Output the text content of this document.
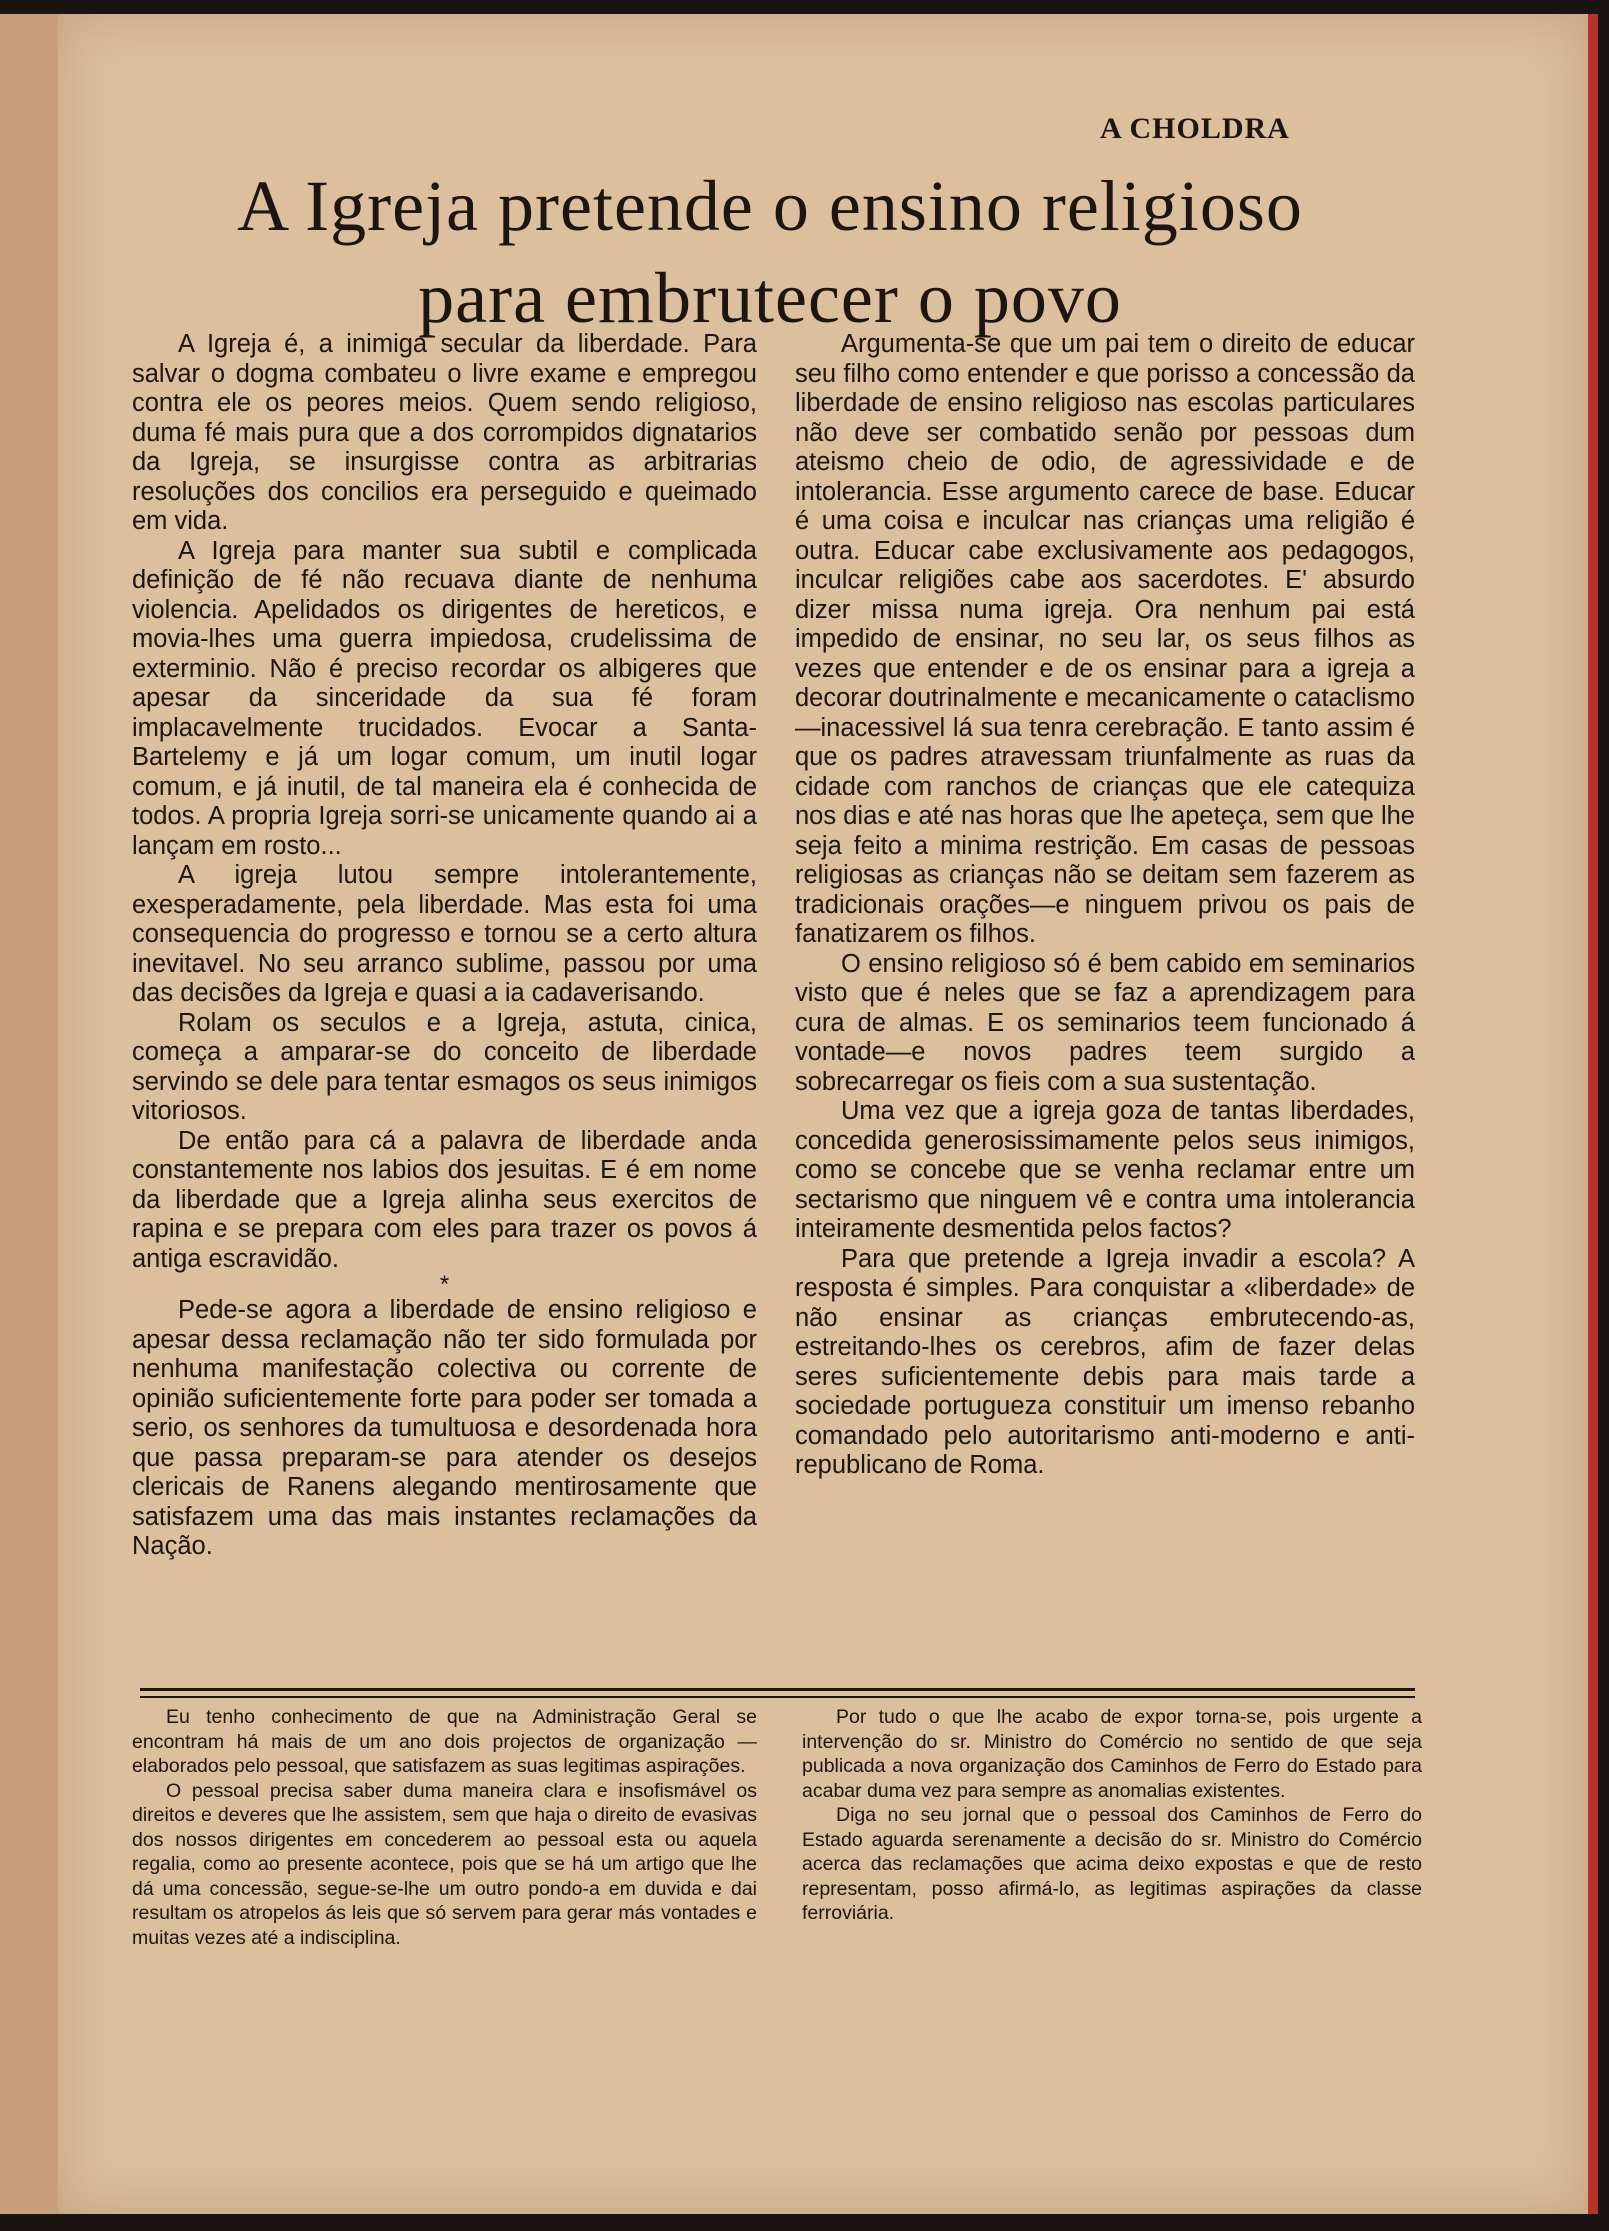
A CHOLDRA
A Igreja pretende o ensino religioso
para embrutecer o povo

A Igreja é, a inimiga secular da liberdade. Para salvar o dogma combateu o livre exame e empregou contra ele os peores meios. Quem sendo religioso, duma fé mais pura que a dos corrompidos dignatarios da Igreja, se insurgisse contra as arbitrarias resoluções dos concilios era perseguido e queimado em vida.

A Igreja para manter sua subtil e complicada definição de fé não recuava diante de nenhuma violencia. Apelidados os dirigentes de hereticos, e movia-lhes uma guerra impiedosa, crudelissima de exterminio. Não é preciso recordar os albigeres que apesar da sinceridade da sua fé foram implacavelmente trucidados. Evocar a Santa-Bartelemy e já um logar comum, um inutil logar comum, e já inutil, de tal maneira ela é conhecida de todos. A propria Igreja sorri-se unicamente quando ai a lançam em rosto...

A igreja lutou sempre intolerantemente, exesperadamente, pela liberdade. Mas esta foi uma consequencia do progresso e tornou se a certo altura inevitavel. No seu arranco sublime, passou por uma das decisões da Igreja e quasi a ia cadaverisando.

Rolam os seculos e a Igreja, astuta, cinica, começa a amparar-se do conceito de liberdade servindo se dele para tentar esmagos os seus inimigos vitoriosos.

De então para cá a palavra de liberdade anda constantemente nos labios dos jesuitas. E é em nome da liberdade que a Igreja alinha seus exercitos de rapina e se prepara com eles para trazer os povos á antiga escravidão.

*

Pede-se agora a liberdade de ensino religioso e apesar dessa reclamação não ter sido formulada por nenhuma manifestação colectiva ou corrente de opinião suficientemente forte para poder ser tomada a serio, os senhores da tumultuosa e desordenada hora que passa preparam-se para atender os desejos clericais de Ranens alegando mentirosamente que satisfazem uma das mais instantes reclamações da Nação.

Argumenta-se que um pai tem o direito de educar seu filho como entender e que porisso a concessão da liberdade de ensino religioso nas escolas particulares não deve ser combatido senão por pessoas dum ateismo cheio de odio, de agressividade e de intolerancia. Esse argumento carece de base. Educar é uma coisa e inculcar nas crianças uma religião é outra. Educar cabe exclusivamente aos pedagogos, inculcar religiões cabe aos sacerdotes. E' absurdo dizer missa numa igreja. Ora nenhum pai está impedido de ensinar, no seu lar, os seus filhos as vezes que entender e de os ensinar para a igreja a decorar doutrinalmente e mecanicamente o cataclismo—inacessivel lá sua tenra cerebração. E tanto assim é que os padres atravessam triunfalmente as ruas da cidade com ranchos de crianças que ele catequiza nos dias e até nas horas que lhe apeteça, sem que lhe seja feito a minima restrição. Em casas de pessoas religiosas as crianças não se deitam sem fazerem as tradicionais orações—e ninguem privou os pais de fanatizarem os filhos.

O ensino religioso só é bem cabido em seminarios visto que é neles que se faz a aprendizagem para cura de almas. E os seminarios teem funcionado á vontade—e novos padres teem surgido a sobrecarregar os fieis com a sua sustentação.

Uma vez que a igreja goza de tantas liberdades, concedida generosissimamente pelos seus inimigos, como se concebe que se venha reclamar entre um sectarismo que ninguem vê e contra uma intolerancia inteiramente desmentida pelos factos?

Para que pretende a Igreja invadir a escola? A resposta é simples. Para conquistar a «liberdade» de não ensinar as crianças embrutecendo-as, estreitando-lhes os cerebros, afim de fazer delas seres suficientemente debis para mais tarde a sociedade portugueza constituir um imenso rebanho comandado pelo autoritarismo anti-moderno e anti-republicano de Roma.

Eu tenho conhecimento de que na Administração Geral se encontram há mais de um ano dois projectos de organização — elaborados pelo pessoal, que satisfazem as suas legitimas aspirações.

O pessoal precisa saber duma maneira clara e insofismável os direitos e deveres que lhe assistem, sem que haja o direito de evasivas dos nossos dirigentes em concederem ao pessoal esta ou aquela regalia, como ao presente acontece, pois que se há um artigo que lhe dá uma concessão, segue-se-lhe um outro pondo-a em duvida e dai resultam os atropelos ás leis que só servem para gerar más vontades e muitas vezes até a indisciplina.

Por tudo o que lhe acabo de expor torna-se, pois urgente a intervenção do sr. Ministro do Comércio no sentido de que seja publicada a nova organização dos Caminhos de Ferro do Estado para acabar duma vez para sempre as anomalias existentes.

Diga no seu jornal que o pessoal dos Caminhos de Ferro do Estado aguarda serenamente a decisão do sr. Ministro do Comércio acerca das reclamações que acima deixo expostas e que de resto representam, posso afirmá-lo, as legitimas aspirações da classe ferroviária.
